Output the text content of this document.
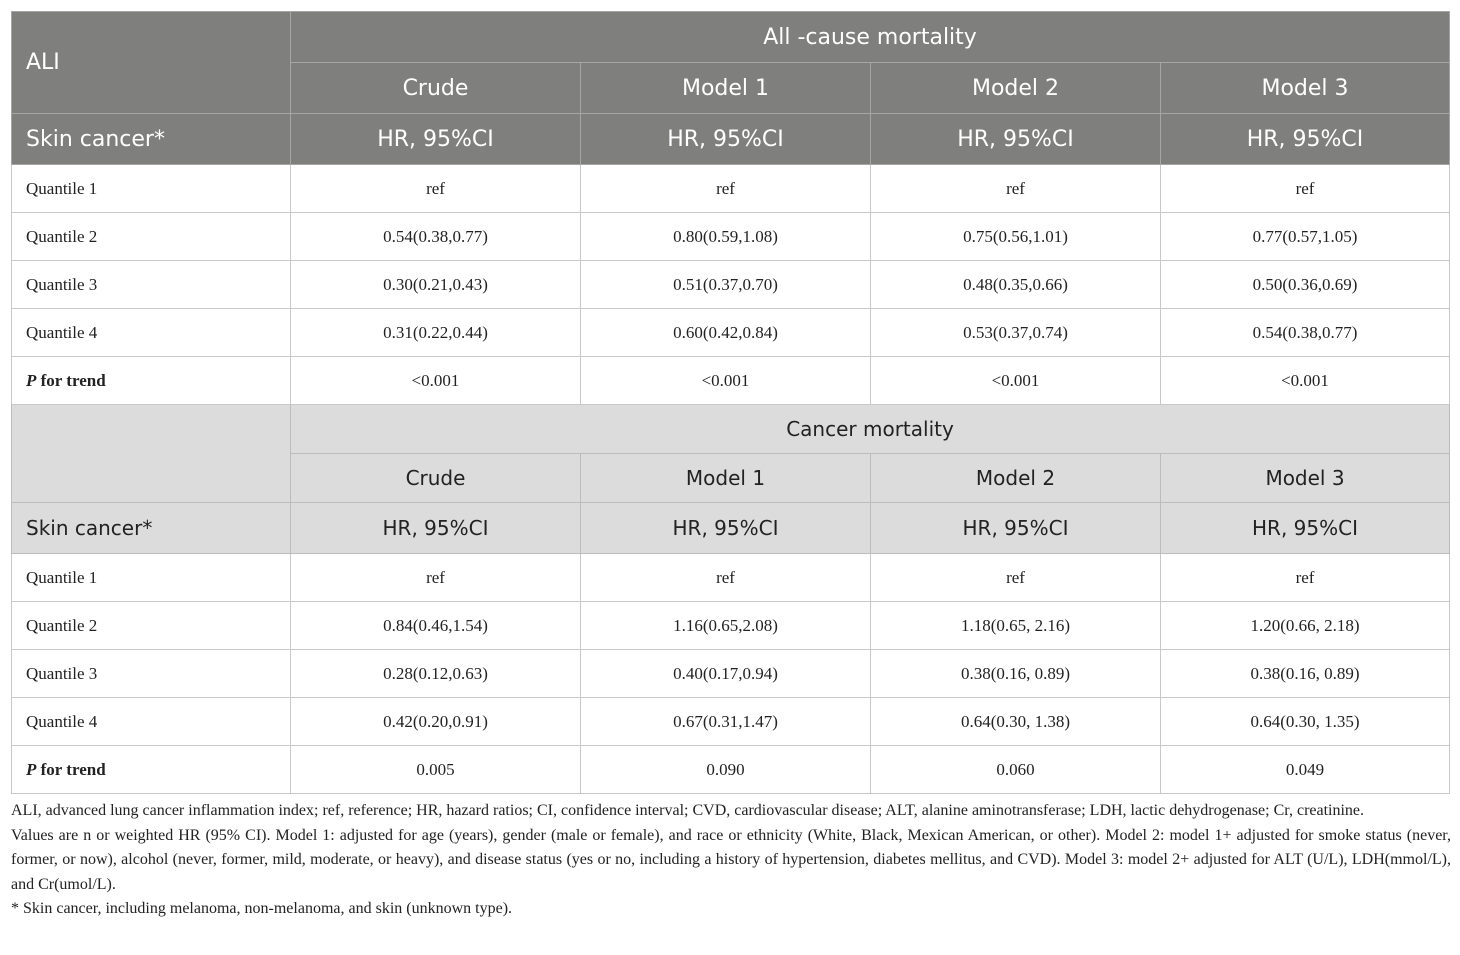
ALI	All -cause mortality			
	Crude	Model 1	Model 2	Model 3
Skin cancer*	HR, 95%CI	HR, 95%CI	HR, 95%CI	HR, 95%CI
Quantile 1	ref	ref	ref	ref
Quantile 2	0.54(0.38,0.77)	0.80(0.59,1.08)	0.75(0.56,1.01)	0.77(0.57,1.05)
Quantile 3	0.30(0.21,0.43)	0.51(0.37,0.70)	0.48(0.35,0.66)	0.50(0.36,0.69)
Quantile 4	0.31(0.22,0.44)	0.60(0.42,0.84)	0.53(0.37,0.74)	0.54(0.38,0.77)
P for trend	<0.001	<0.001	<0.001	<0.001
	Cancer mortality			
	Crude	Model 1	Model 2	Model 3
Skin cancer*	HR, 95%CI	HR, 95%CI	HR, 95%CI	HR, 95%CI
Quantile 1	ref	ref	ref	ref
Quantile 2	0.84(0.46,1.54)	1.16(0.65,2.08)	1.18(0.65, 2.16)	1.20(0.66, 2.18)
Quantile 3	0.28(0.12,0.63)	0.40(0.17,0.94)	0.38(0.16, 0.89)	0.38(0.16, 0.89)
Quantile 4	0.42(0.20,0.91)	0.67(0.31,1.47)	0.64(0.30, 1.38)	0.64(0.30, 1.35)
P for trend	0.005	0.090	0.060	0.049

ALI, advanced lung cancer inflammation index; ref, reference; HR, hazard ratios; CI, confidence interval; CVD, cardiovascular disease; ALT, alanine aminotransferase; LDH, lactic dehydrogenase; Cr, creatinine.

Values are n or weighted HR (95% CI). Model 1: adjusted for age (years), gender (male or female), and race or ethnicity (White, Black, Mexican American, or other). Model 2: model 1+ adjusted for smoke status (never, former, or now), alcohol (never, former, mild, moderate, or heavy), and disease status (yes or no, including a history of hypertension, diabetes mellitus, and CVD). Model 3: model 2+ adjusted for ALT (U/L), LDH(mmol/L), and Cr(umol/L).

* Skin cancer, including melanoma, non-melanoma, and skin (unknown type).
